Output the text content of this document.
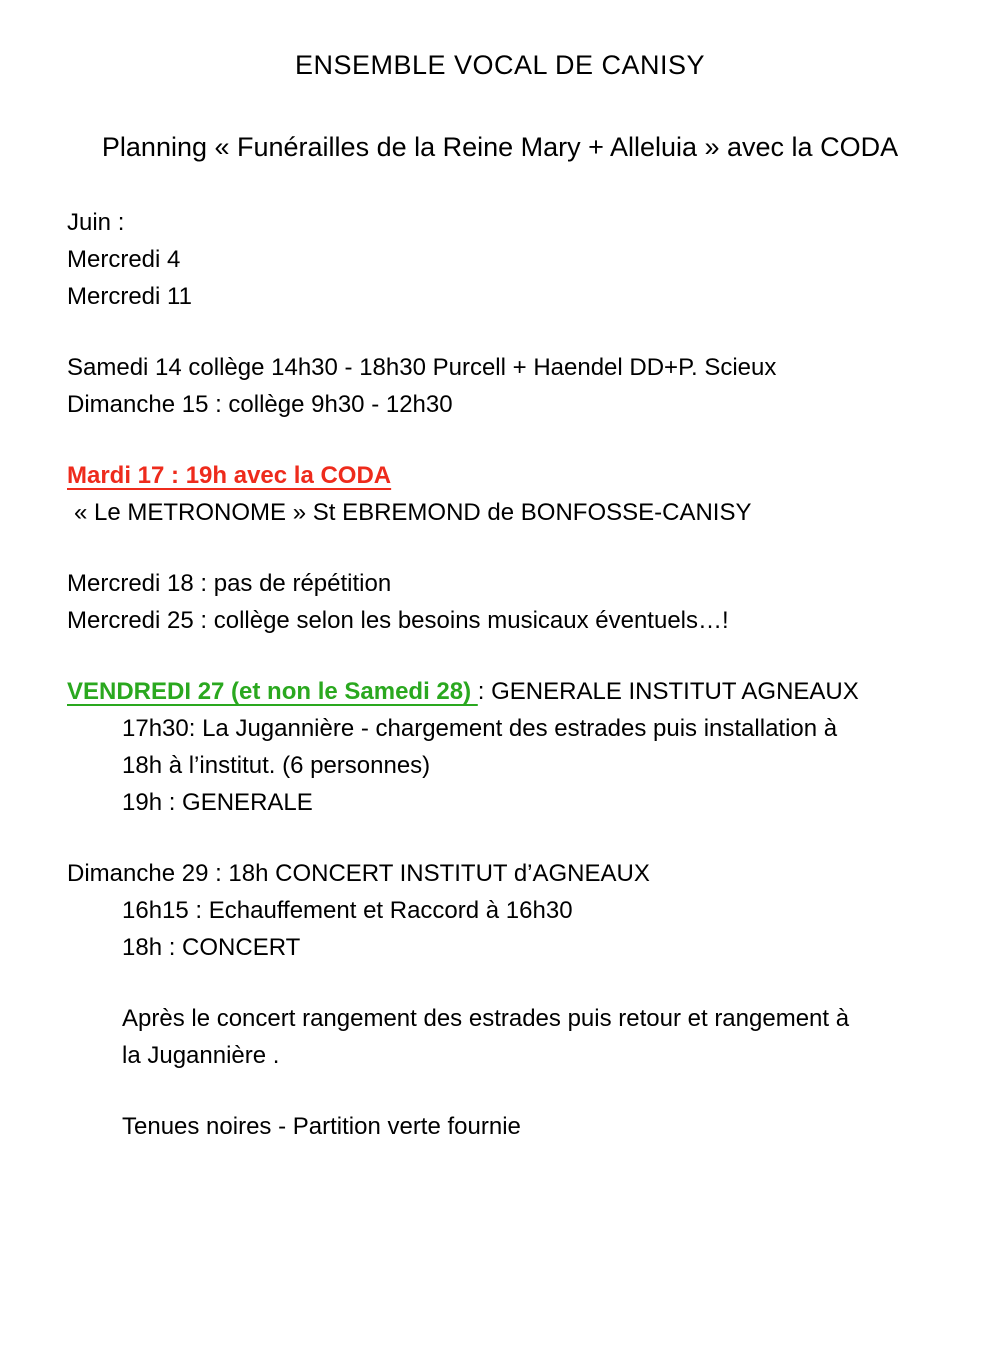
ENSEMBLE VOCAL DE CANISY
Planning « Funérailles de la Reine Mary + Alleluia » avec la CODA
Juin :
Mercredi 4
Mercredi 11
Samedi 14 collège 14h30 - 18h30 Purcell + Haendel DD+P. Scieux
Dimanche 15 : collège 9h30 - 12h30
Mardi 17 : 19h avec la CODA
« Le METRONOME » St EBREMOND de BONFOSSE-CANISY
Mercredi 18 : pas de répétition
Mercredi 25 : collège selon les besoins musicaux éventuels…!
VENDREDI 27 (et non le Samedi 28) : GENERALE INSTITUT AGNEAUX
17h30: La Jugannière - chargement des estrades puis installation à
18h à l’institut. (6 personnes)
19h : GENERALE
Dimanche 29 : 18h CONCERT INSTITUT d’AGNEAUX
16h15 : Echauffement et Raccord à 16h30
18h : CONCERT
Après le concert rangement des estrades puis retour et rangement à
la Jugannière .
Tenues noires - Partition verte fournie
